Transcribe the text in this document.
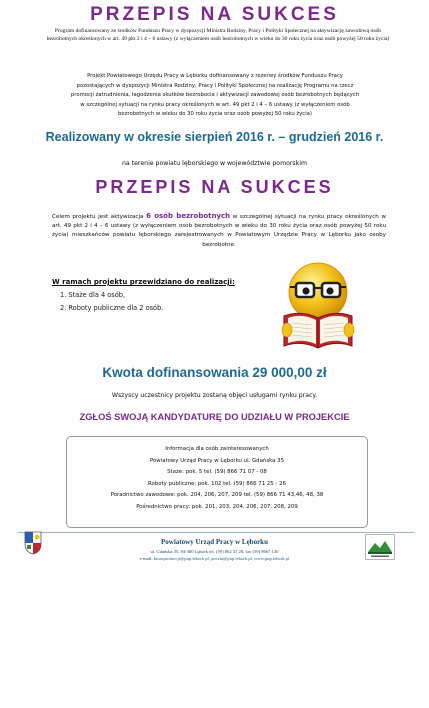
PRZEPIS NA SUKCES
Program dofinansowany ze środków Funduszu Pracy w dyspozycji Ministra Rodziny, Pracy i Polityki Społecznej na aktywizację zawodową osób
bezrobotnych określonych w art. 49 pkt 2 i 4 – 6 ustawy (z wyłączeniem osób bezrobotnych w wieku do 30 roku życia oraz osób powyżej 50 roku życia)
Projekt Powiatowego Urzędu Pracy w Lęborku dofinansowany z rezerwy środków Funduszu Pracy
pozostających w dyspozycji Ministra Rodziny, Pracy i Polityki Społecznej na realizację Programu na rzecz
promocji zatrudnienia, łagodzenia skutków bezrobocia i aktywizacji zawodowej osób bezrobotnych będących
w szczególnej sytuacji na rynku pracy określonych w art. 49 pkt 2 i 4 – 6 ustawy (z wyłączeniem osób
bezrobotnych w wieku do 30 roku życia oraz osób powyżej 50 roku życia)
Realizowany w okresie sierpień 2016 r. – grudzień 2016 r.
na terenie powiatu lęborskiego w województwie pomorskim
PRZEPIS NA SUKCES
Celem projektu jest aktywizacja 6 osób bezrobotnych w szczególnej sytuacji na rynku pracy określonych w art. 49 pkt 2 i 4 – 6 ustawy (z wyłączeniem osób bezrobotnych w wieku do 30 roku życia oraz osób powyżej 50 roku życia) mieszkańców powiatu lęborskiego zarejestrowanych w Powiatowym Urzędzie Pracy w Lęborku jako osoby bezrobotne.
W ramach projektu przewidziano do realizacji:
1. Staże dla 4 osób,
2. Roboty publiczne dla 2 osób.
Kwota dofinansowania 29 000,00 zł
Wszyscy uczestnicy projektu zostaną objęci usługami rynku pracy.
ZGŁOŚ SWOJĄ KANDYDATURĘ DO UDZIAŁU W PROJEKCIE
Informacja dla osób zainteresowanych
Powiatowy Urząd Pracy w Lęborku ul. Gdańska 35
Staże: pok. 5 tel. (59) 866 71 07 - 08
Roboty publiczne: pok. 102 tel. (59) 866 71 25 - 26
Poradnictwo zawodowe: pok. 204, 206, 207, 209 tel. (59) 866 71 43,46, 48, 38
Pośrednictwo pracy: pok. 201, 203, 204, 206, 207, 208, 209
Powiatowy Urząd Pracy w Lęborku
ul. Gdańska 35, 84-300 Lębork tel. (59) 862 37 28, fax (59) 8667 130
e-mail: biuropromocji@pup.lebork.pl, poczta@pup.lebork.pl, www.pup.lebork.pl
